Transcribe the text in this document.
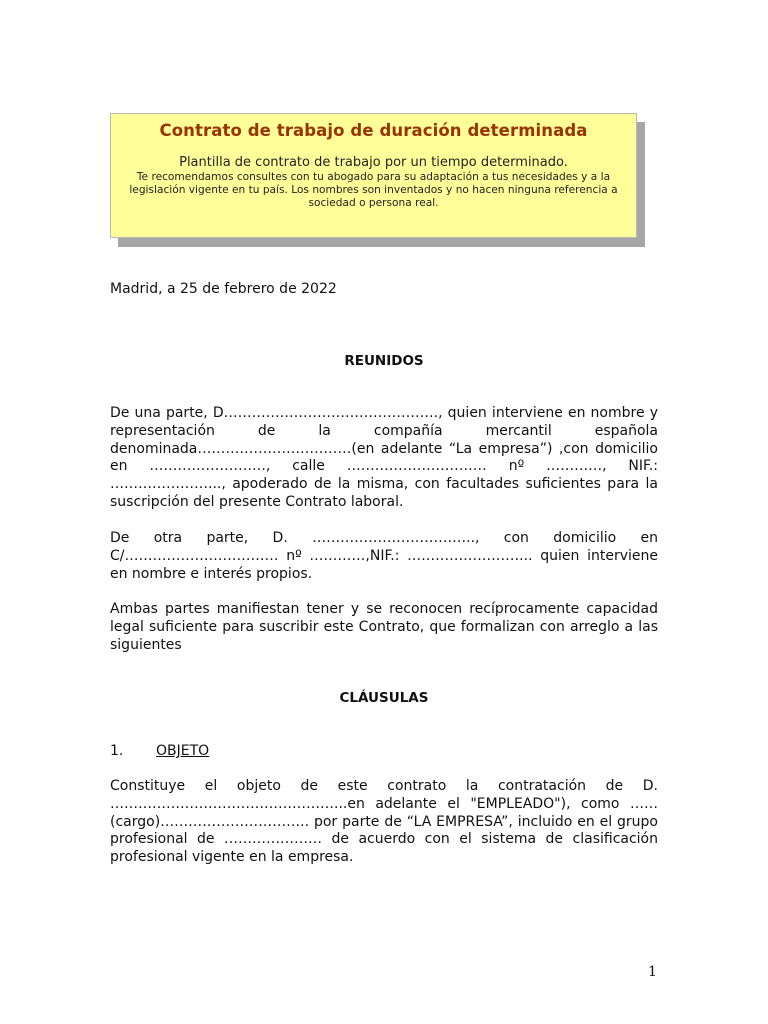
Contrato de trabajo de duración determinada
Plantilla de contrato de trabajo por un tiempo determinado.
Te recomendamos consultes con tu abogado para su adaptación a tus necesidades y a la legislación vigente en tu país. Los nombres son inventados y no hacen ninguna referencia a sociedad o persona real.
Madrid, a 25 de febrero de 2022
REUNIDOS
De una parte, D………………………………………., quien interviene en nombre y representación de la compañía mercantil española denominada……………………………(en adelante “La empresa”) ,con domicilio en ……………………., calle ………………………… nº …………, NIF.: …………………..., apoderado de la misma, con facultades suficientes para la suscripción del presente Contrato laboral.
De otra parte, D. …………………………….., con domicilio en C/…………………………… nº …………,NIF.: ……………………... quien interviene en nombre e interés propios.
Ambas partes manifiestan tener y se reconocen recíprocamente capacidad legal suficiente para suscribir este Contrato, que formalizan con arreglo a las siguientes
CLÁUSULAS
1. OBJETO
Constituye el objeto de este contrato la contratación de D. …………………………………………...en adelante el "EMPLEADO"), como …… (cargo)………………………….. por parte de “LA EMPRESA”, incluido en el grupo profesional de ………………… de acuerdo con el sistema de clasificación profesional vigente en la empresa.
1
